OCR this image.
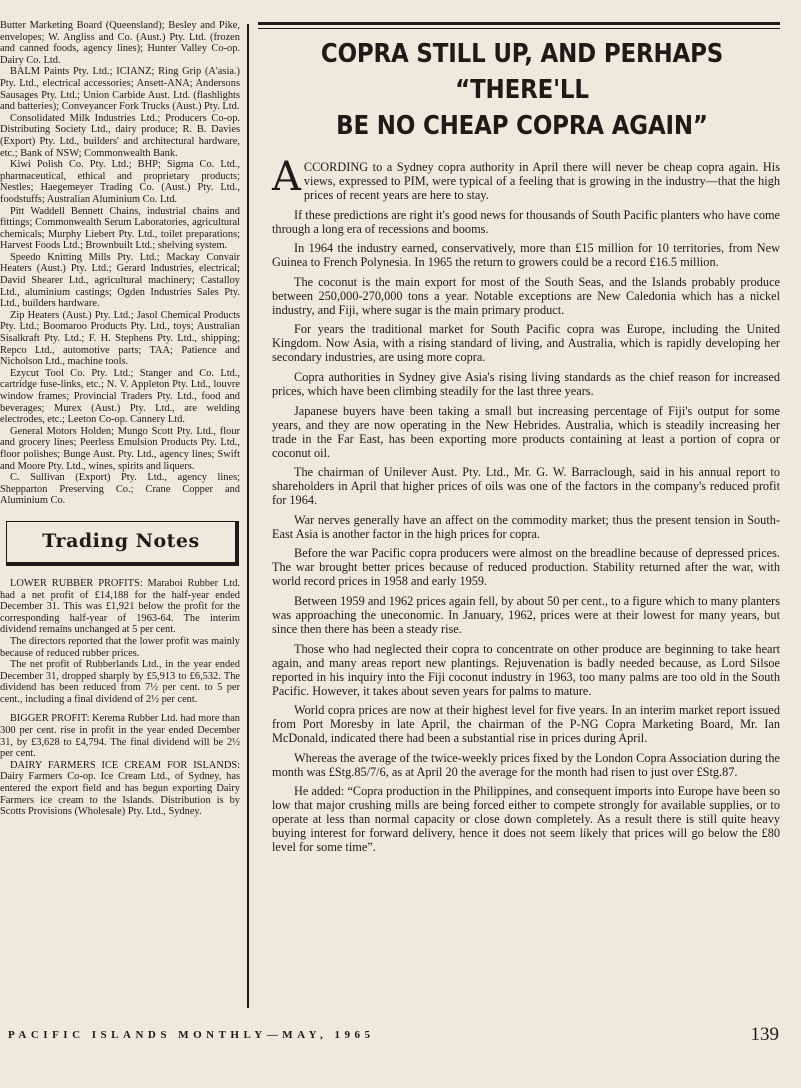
Butter Marketing Board (Queensland); Besley and Pike, envelopes; W. Angliss and Co. (Aust.) Pty. Ltd. (frozen and canned foods, agency lines); Hunter Valley Co-op. Dairy Co. Ltd.

BALM Paints Pty. Ltd.; ICIANZ; Ring Grip (A'asia.) Pty. Ltd., electrical accessories; Ansett-ANA; Andersons Sausages Pty. Ltd.; Union Carbide Aust. Ltd. (flashlights and batteries); Conveyancer Fork Trucks (Aust.) Pty. Ltd.

Consolidated Milk Industries Ltd.; Producers Co-op. Distributing Society Ltd., dairy produce; R. B. Davies (Export) Pty. Ltd., builders' and architectural hardware, etc.; Bank of NSW; Commonwealth Bank.

Kiwi Polish Co. Pty. Ltd.; BHP; Sigma Co. Ltd., pharmaceutical, ethical and proprietary products; Nestles; Haegemeyer Trading Co. (Aust.) Pty. Ltd., foodstuffs; Australian Aluminium Co. Ltd.

Pitt Waddell Bennett Chains, industrial chains and fittings; Commonwealth Serum Laboratories, agricultural chemicals; Murphy Liebert Pty. Ltd., toilet preparations; Harvest Foods Ltd.; Brownbuilt Ltd.; shelving system.

Speedo Knitting Mills Pty. Ltd.; Mackay Convair Heaters (Aust.) Pty. Ltd.; Gerard Industries, electrical; David Shearer Ltd., agricultural machinery; Castalloy Ltd., aluminium castings; Ogden Industries Sales Pty. Ltd., builders hardware.

Zip Heaters (Aust.) Pty. Ltd.; Jasol Chemical Products Pty. Ltd.; Boomaroo Products Pty. Ltd., toys; Australian Sisalkraft Pty. Ltd.; F. H. Stephens Pty. Ltd., shipping; Repco Ltd., automotive parts; TAA; Patience and Nicholson Ltd., machine tools.

Ezycut Tool Co. Pty. Ltd.; Stanger and Co. Ltd., cartridge fuse-links, etc.; N. V. Appleton Pty. Ltd., louvre window frames; Provincial Traders Pty. Ltd., food and beverages; Murex (Aust.) Pty. Ltd., are welding electrodes, etc.; Leeton Co-op. Cannery Ltd.

General Motors Holden; Mungo Scott Pty. Ltd., flour and grocery lines; Peerless Emulsion Products Pty. Ltd., floor polishes; Bunge Aust. Pty. Ltd., agency lines; Swift and Moore Pty. Ltd., wines, spirits and liquers.

C. Sullivan (Export) Pty. Ltd., agency lines; Shepparton Preserving Co.; Crane Copper and Aluminium Co.

Trading Notes

LOWER RUBBER PROFITS: Maraboi Rubber Ltd. had a net profit of £14,188 for the half-year ended December 31. This was £1,921 below the profit for the corresponding half-year of 1963-64. The interim dividend remains unchanged at 5 per cent.

The directors reported that the lower profit was mainly because of reduced rubber prices.

The net profit of Rubberlands Ltd., in the year ended December 31, dropped sharply by £5,913 to £6,532. The dividend has been reduced from 7½ per cent. to 5 per cent., including a final dividend of 2½ per cent.

BIGGER PROFIT: Kerema Rubber Ltd. had more than 300 per cent. rise in profit in the year ended December 31, by £3,628 to £4,794. The final dividend will be 2½ per cent.

DAIRY FARMERS ICE CREAM FOR ISLANDS: Dairy Farmers Co-op. Ice Cream Ltd., of Sydney, has entered the export field and has begun exporting Dairy Farmers ice cream to the Islands. Distribution is by Scotts Provisions (Wholesale) Pty. Ltd., Sydney.

COPRA STILL UP, AND PERHAPS “THERE'LL
BE NO CHEAP COPRA AGAIN”

ACCORDING to a Sydney copra authority in April there will never be cheap copra again. His views, expressed to PIM, were typical of a feeling that is growing in the industry—that the high prices of recent years are here to stay.

If these predictions are right it's good news for thousands of South Pacific planters who have come through a long era of recessions and booms.

In 1964 the industry earned, conservatively, more than £15 million for 10 territories, from New Guinea to French Polynesia. In 1965 the return to growers could be a record £16.5 million.

The coconut is the main export for most of the South Seas, and the Islands probably produce between 250,000-270,000 tons a year. Notable exceptions are New Caledonia which has a nickel industry, and Fiji, where sugar is the main primary product.

For years the traditional market for South Pacific copra was Europe, including the United Kingdom. Now Asia, with a rising standard of living, and Australia, which is rapidly developing her secondary industries, are using more copra.

Copra authorities in Sydney give Asia's rising living standards as the chief reason for increased prices, which have been climbing steadily for the last three years.

Japanese buyers have been taking a small but increasing percentage of Fiji's output for some years, and they are now operating in the New Hebrides. Australia, which is steadily increasing her trade in the Far East, has been exporting more products containing at least a portion of copra or coconut oil.

The chairman of Unilever Aust. Pty. Ltd., Mr. G. W. Barraclough, said in his annual report to shareholders in April that higher prices of oils was one of the factors in the company's reduced profit for 1964.

War nerves generally have an affect on the commodity market; thus the present tension in South-East Asia is another factor in the high prices for copra.

Before the war Pacific copra producers were almost on the breadline because of depressed prices. The war brought better prices because of reduced production. Stability returned after the war, with world record prices in 1958 and early 1959.

Between 1959 and 1962 prices again fell, by about 50 per cent., to a figure which to many planters was approaching the uneconomic. In January, 1962, prices were at their lowest for many years, but since then there has been a steady rise.

Those who had neglected their copra to concentrate on other produce are beginning to take heart again, and many areas report new plantings. Rejuvenation is badly needed because, as Lord Silsoe reported in his inquiry into the Fiji coconut industry in 1963, too many palms are too old in the South Pacific. However, it takes about seven years for palms to mature.

World copra prices are now at their highest level for five years. In an interim market report issued from Port Moresby in late April, the chairman of the P-NG Copra Marketing Board, Mr. Ian McDonald, indicated there had been a substantial rise in prices during April.

Whereas the average of the twice-weekly prices fixed by the London Copra Association during the month was £Stg.85/7/6, as at April 20 the average for the month had risen to just over £Stg.87.

He added: “Copra production in the Philippines, and consequent imports into Europe have been so low that major crushing mills are being forced either to compete strongly for available supplies, or to operate at less than normal capacity or close down completely. As a result there is still quite heavy buying interest for forward delivery, hence it does not seem likely that prices will go below the £80 level for some time”.

PACIFIC ISLANDS MONTHLY—MAY, 1965	139
